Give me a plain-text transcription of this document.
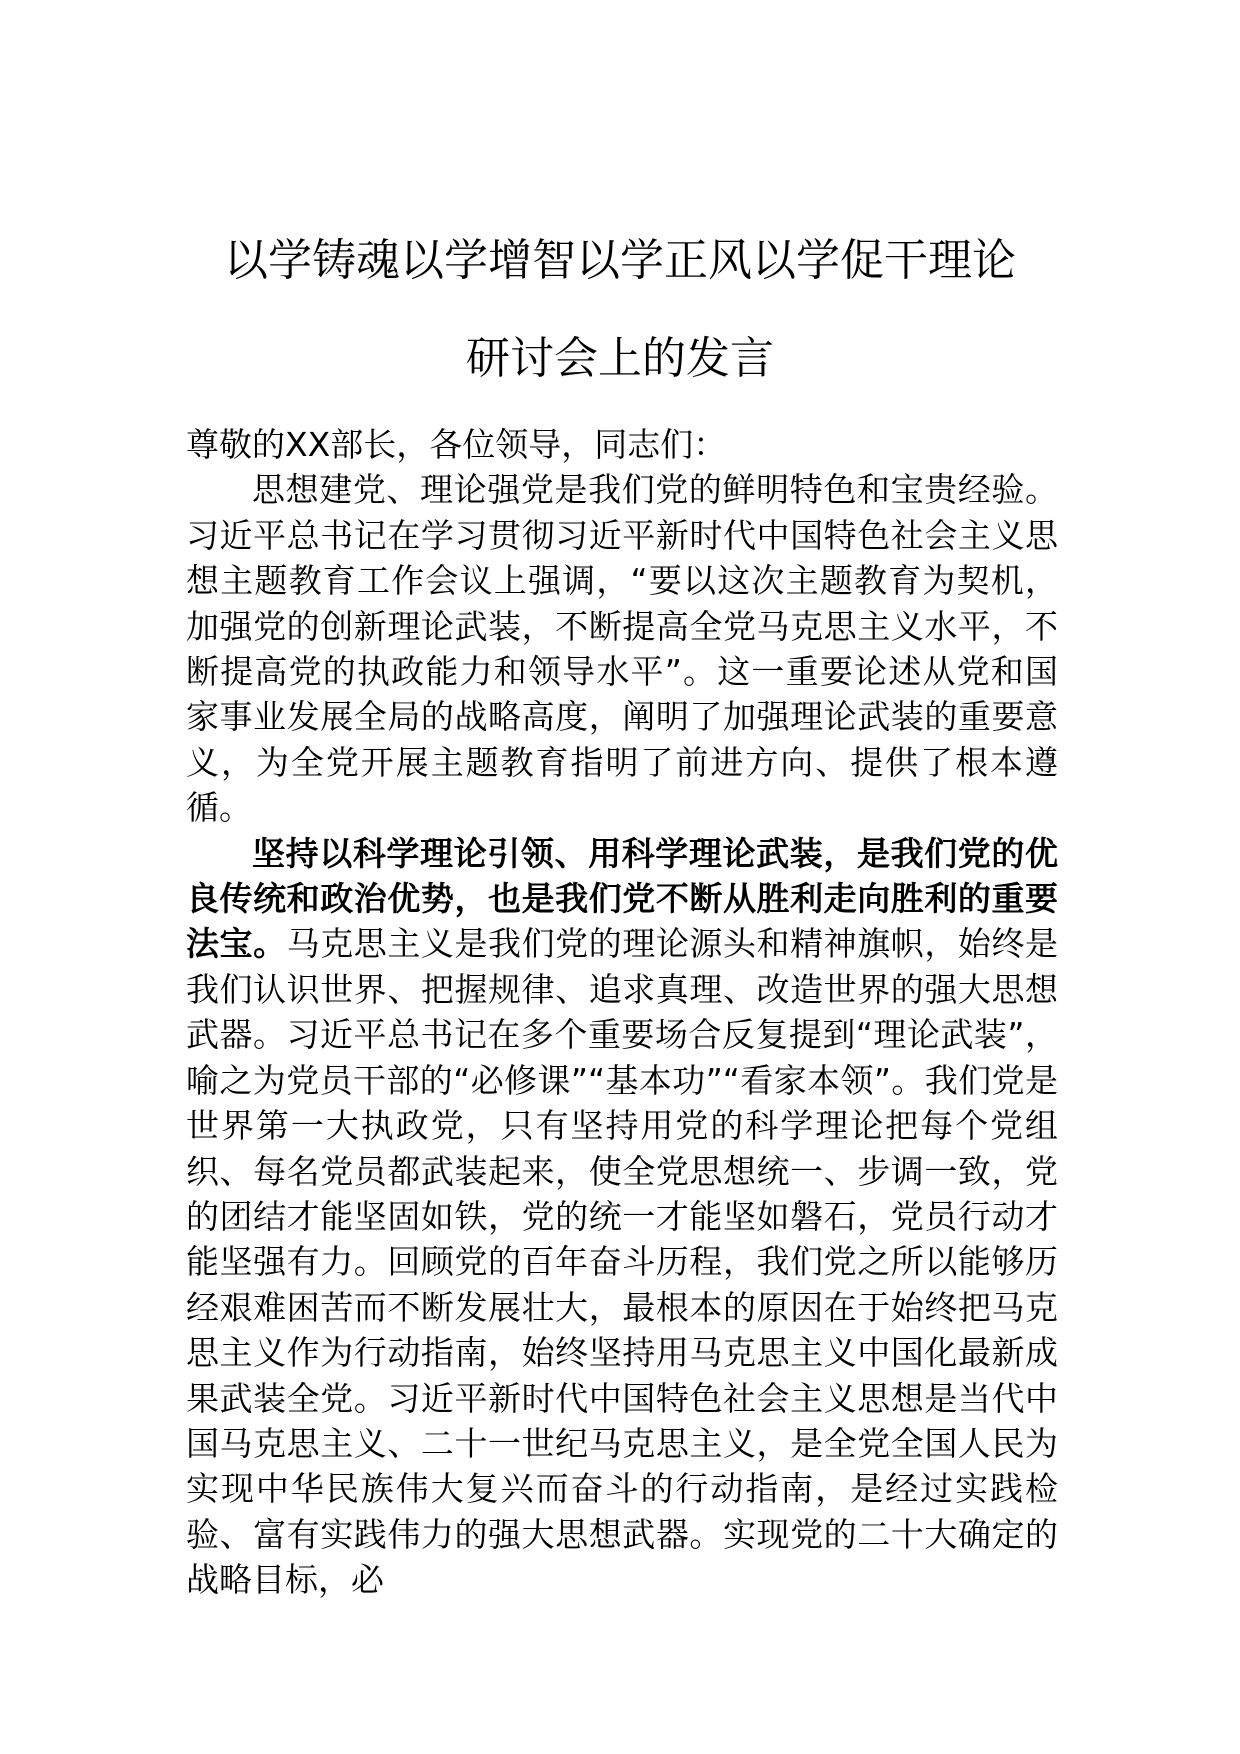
以学铸魂以学增智以学正风以学促干理论
研讨会上的发言

尊敬的XX部长，各位领导，同志们：

思想建党、理论强党是我们党的鲜明特色和宝贵经验。习近平总书记在学习贯彻习近平新时代中国特色社会主义思想主题教育工作会议上强调，“要以这次主题教育为契机，加强党的创新理论武装，不断提高全党马克思主义水平，不断提高党的执政能力和领导水平”。这一重要论述从党和国家事业发展全局的战略高度，阐明了加强理论武装的重要意义，为全党开展主题教育指明了前进方向、提供了根本遵循。

坚持以科学理论引领、用科学理论武装，是我们党的优良传统和政治优势，也是我们党不断从胜利走向胜利的重要法宝。马克思主义是我们党的理论源头和精神旗帜，始终是我们认识世界、把握规律、追求真理、改造世界的强大思想武器。习近平总书记在多个重要场合反复提到“理论武装”，喻之为党员干部的“必修课”“基本功”“看家本领”。我们党是世界第一大执政党，只有坚持用党的科学理论把每个党组织、每名党员都武装起来，使全党思想统一、步调一致，党的团结才能坚固如铁，党的统一才能坚如磐石，党员行动才能坚强有力。回顾党的百年奋斗历程，我们党之所以能够历经艰难困苦而不断发展壮大，最根本的原因在于始终把马克思主义作为行动指南，始终坚持用马克思主义中国化最新成果武装全党。习近平新时代中国特色社会主义思想是当代中国马克思主义、二十一世纪马克思主义，是全党全国人民为实现中华民族伟大复兴而奋斗的行动指南，是经过实践检验、富有实践伟力的强大思想武器。实现党的二十大确定的战略目标，必
